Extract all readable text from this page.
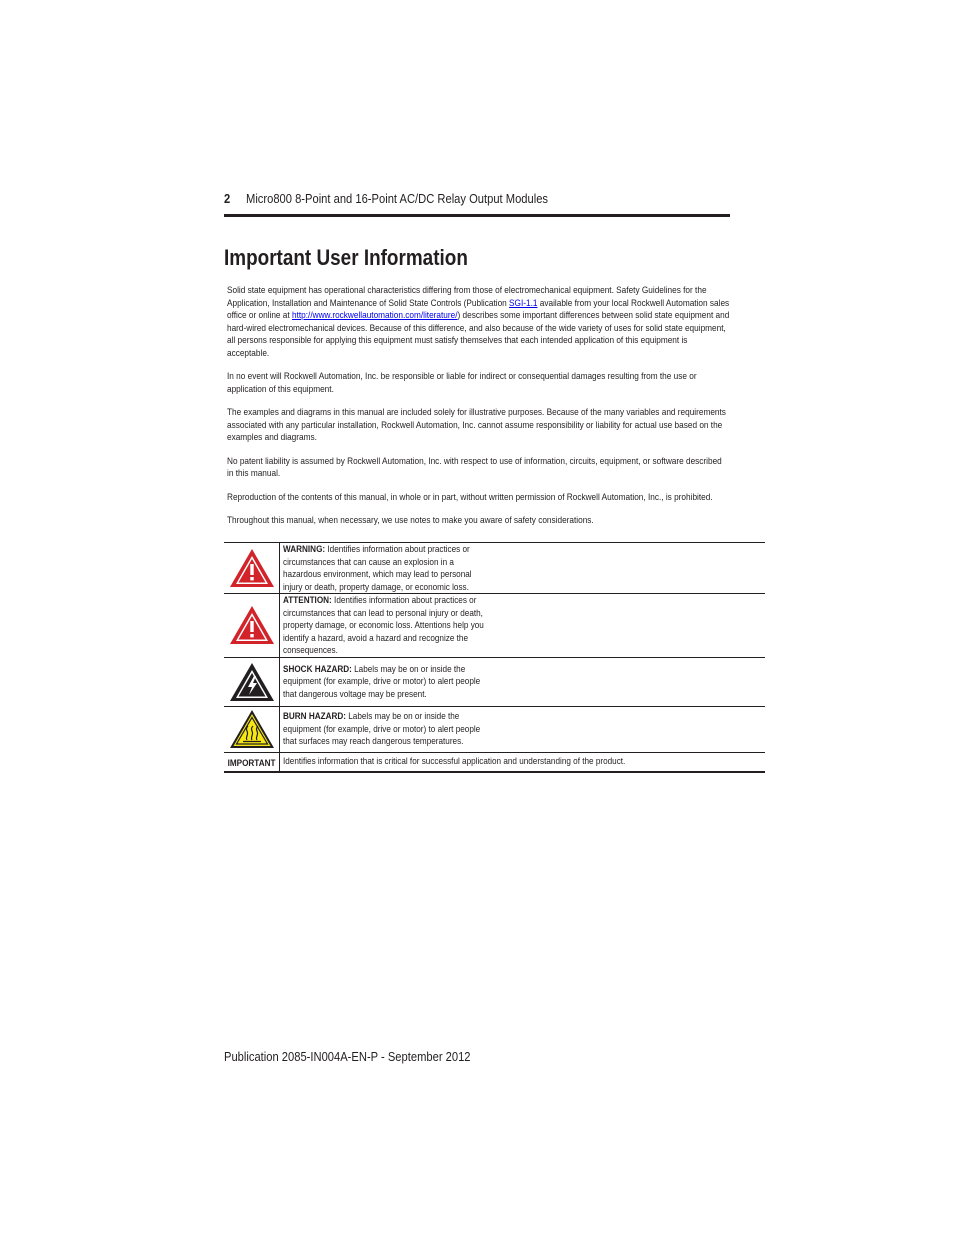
2 Micro800 8-Point and 16-Point AC/DC Relay Output Modules
Important User Information

Solid state equipment has operational characteristics differing from those of electromechanical equipment. Safety Guidelines for the Application, Installation and Maintenance of Solid State Controls (Publication SGI-1.1 available from your local Rockwell Automation sales office or online at http://www.rockwellautomation.com/literature/) describes some important differences between solid state equipment and hard-wired electromechanical devices. Because of this difference, and also because of the wide variety of uses for solid state equipment, all persons responsible for applying this equipment must satisfy themselves that each intended application of this equipment is acceptable.

In no event will Rockwell Automation, Inc. be responsible or liable for indirect or consequential damages resulting from the use or application of this equipment.

The examples and diagrams in this manual are included solely for illustrative purposes. Because of the many variables and requirements associated with any particular installation, Rockwell Automation, Inc. cannot assume responsibility or liability for actual use based on the examples and diagrams.

No patent liability is assumed by Rockwell Automation, Inc. with respect to use of information, circuits, equipment, or software described in this manual.

Reproduction of the contents of this manual, in whole or in part, without written permission of Rockwell Automation, Inc., is prohibited.

Throughout this manual, when necessary, we use notes to make you aware of safety considerations.

WARNING: Identifies information about practices or circumstances that can cause an explosion in a hazardous environment, which may lead to personal injury or death, property damage, or economic loss.

ATTENTION: Identifies information about practices or circumstances that can lead to personal injury or death, property damage, or economic loss. Attentions help you identify a hazard, avoid a hazard and recognize the consequences.

SHOCK HAZARD: Labels may be on or inside the equipment (for example, drive or motor) to alert people that dangerous voltage may be present.

BURN HAZARD: Labels may be on or inside the equipment (for example, drive or motor) to alert people that surfaces may reach dangerous temperatures.

IMPORTANT	Identifies information that is critical for successful application and understanding of the product.
Publication 2085-IN004A-EN-P - September 2012
